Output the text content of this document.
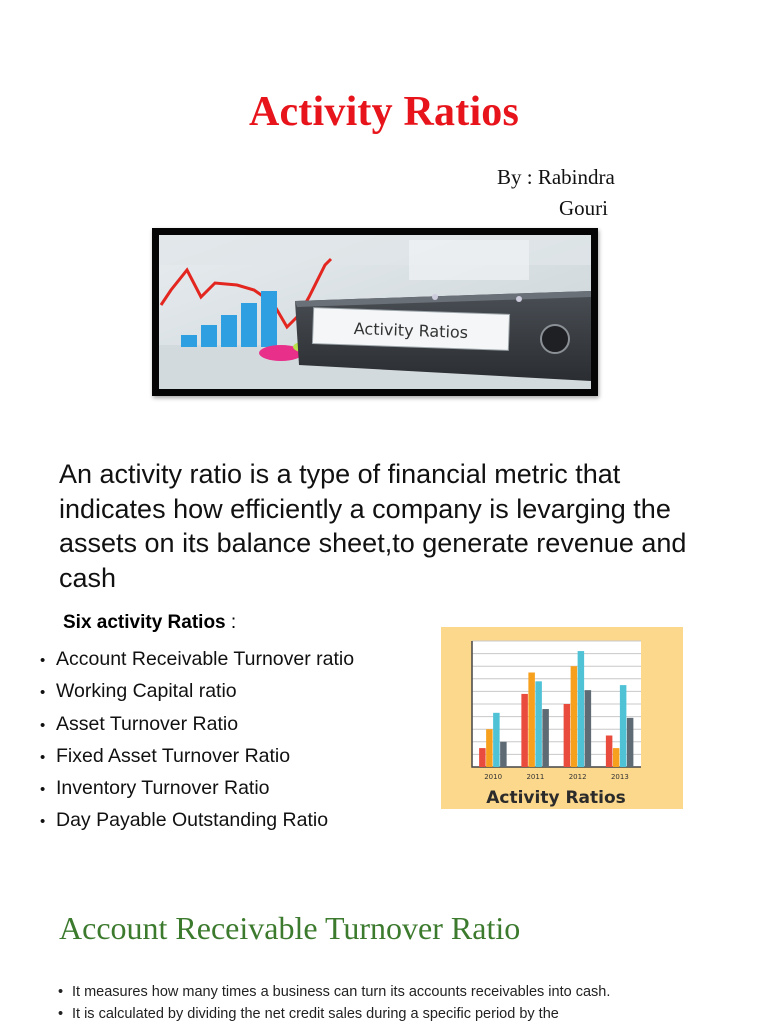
Activity Ratios
By : Rabindra
Gouri
Activity Ratios
An activity ratio is a type of financial metric that indicates how efficiently a company is levarging the assets on its balance sheet,to generate revenue and cash
Six activity Ratios :
• Account Receivable Turnover ratio
• Working Capital ratio
• Asset Turnover Ratio
• Fixed Asset Turnover Ratio
• Inventory Turnover Ratio
• Day Payable Outstanding Ratio
2010	2011	2012	2013
Activity Ratios
Account Receivable Turnover Ratio
• It measures how many times a business can turn its accounts receivables into cash.
• It is calculated by dividing the net credit sales during a specific period by the
